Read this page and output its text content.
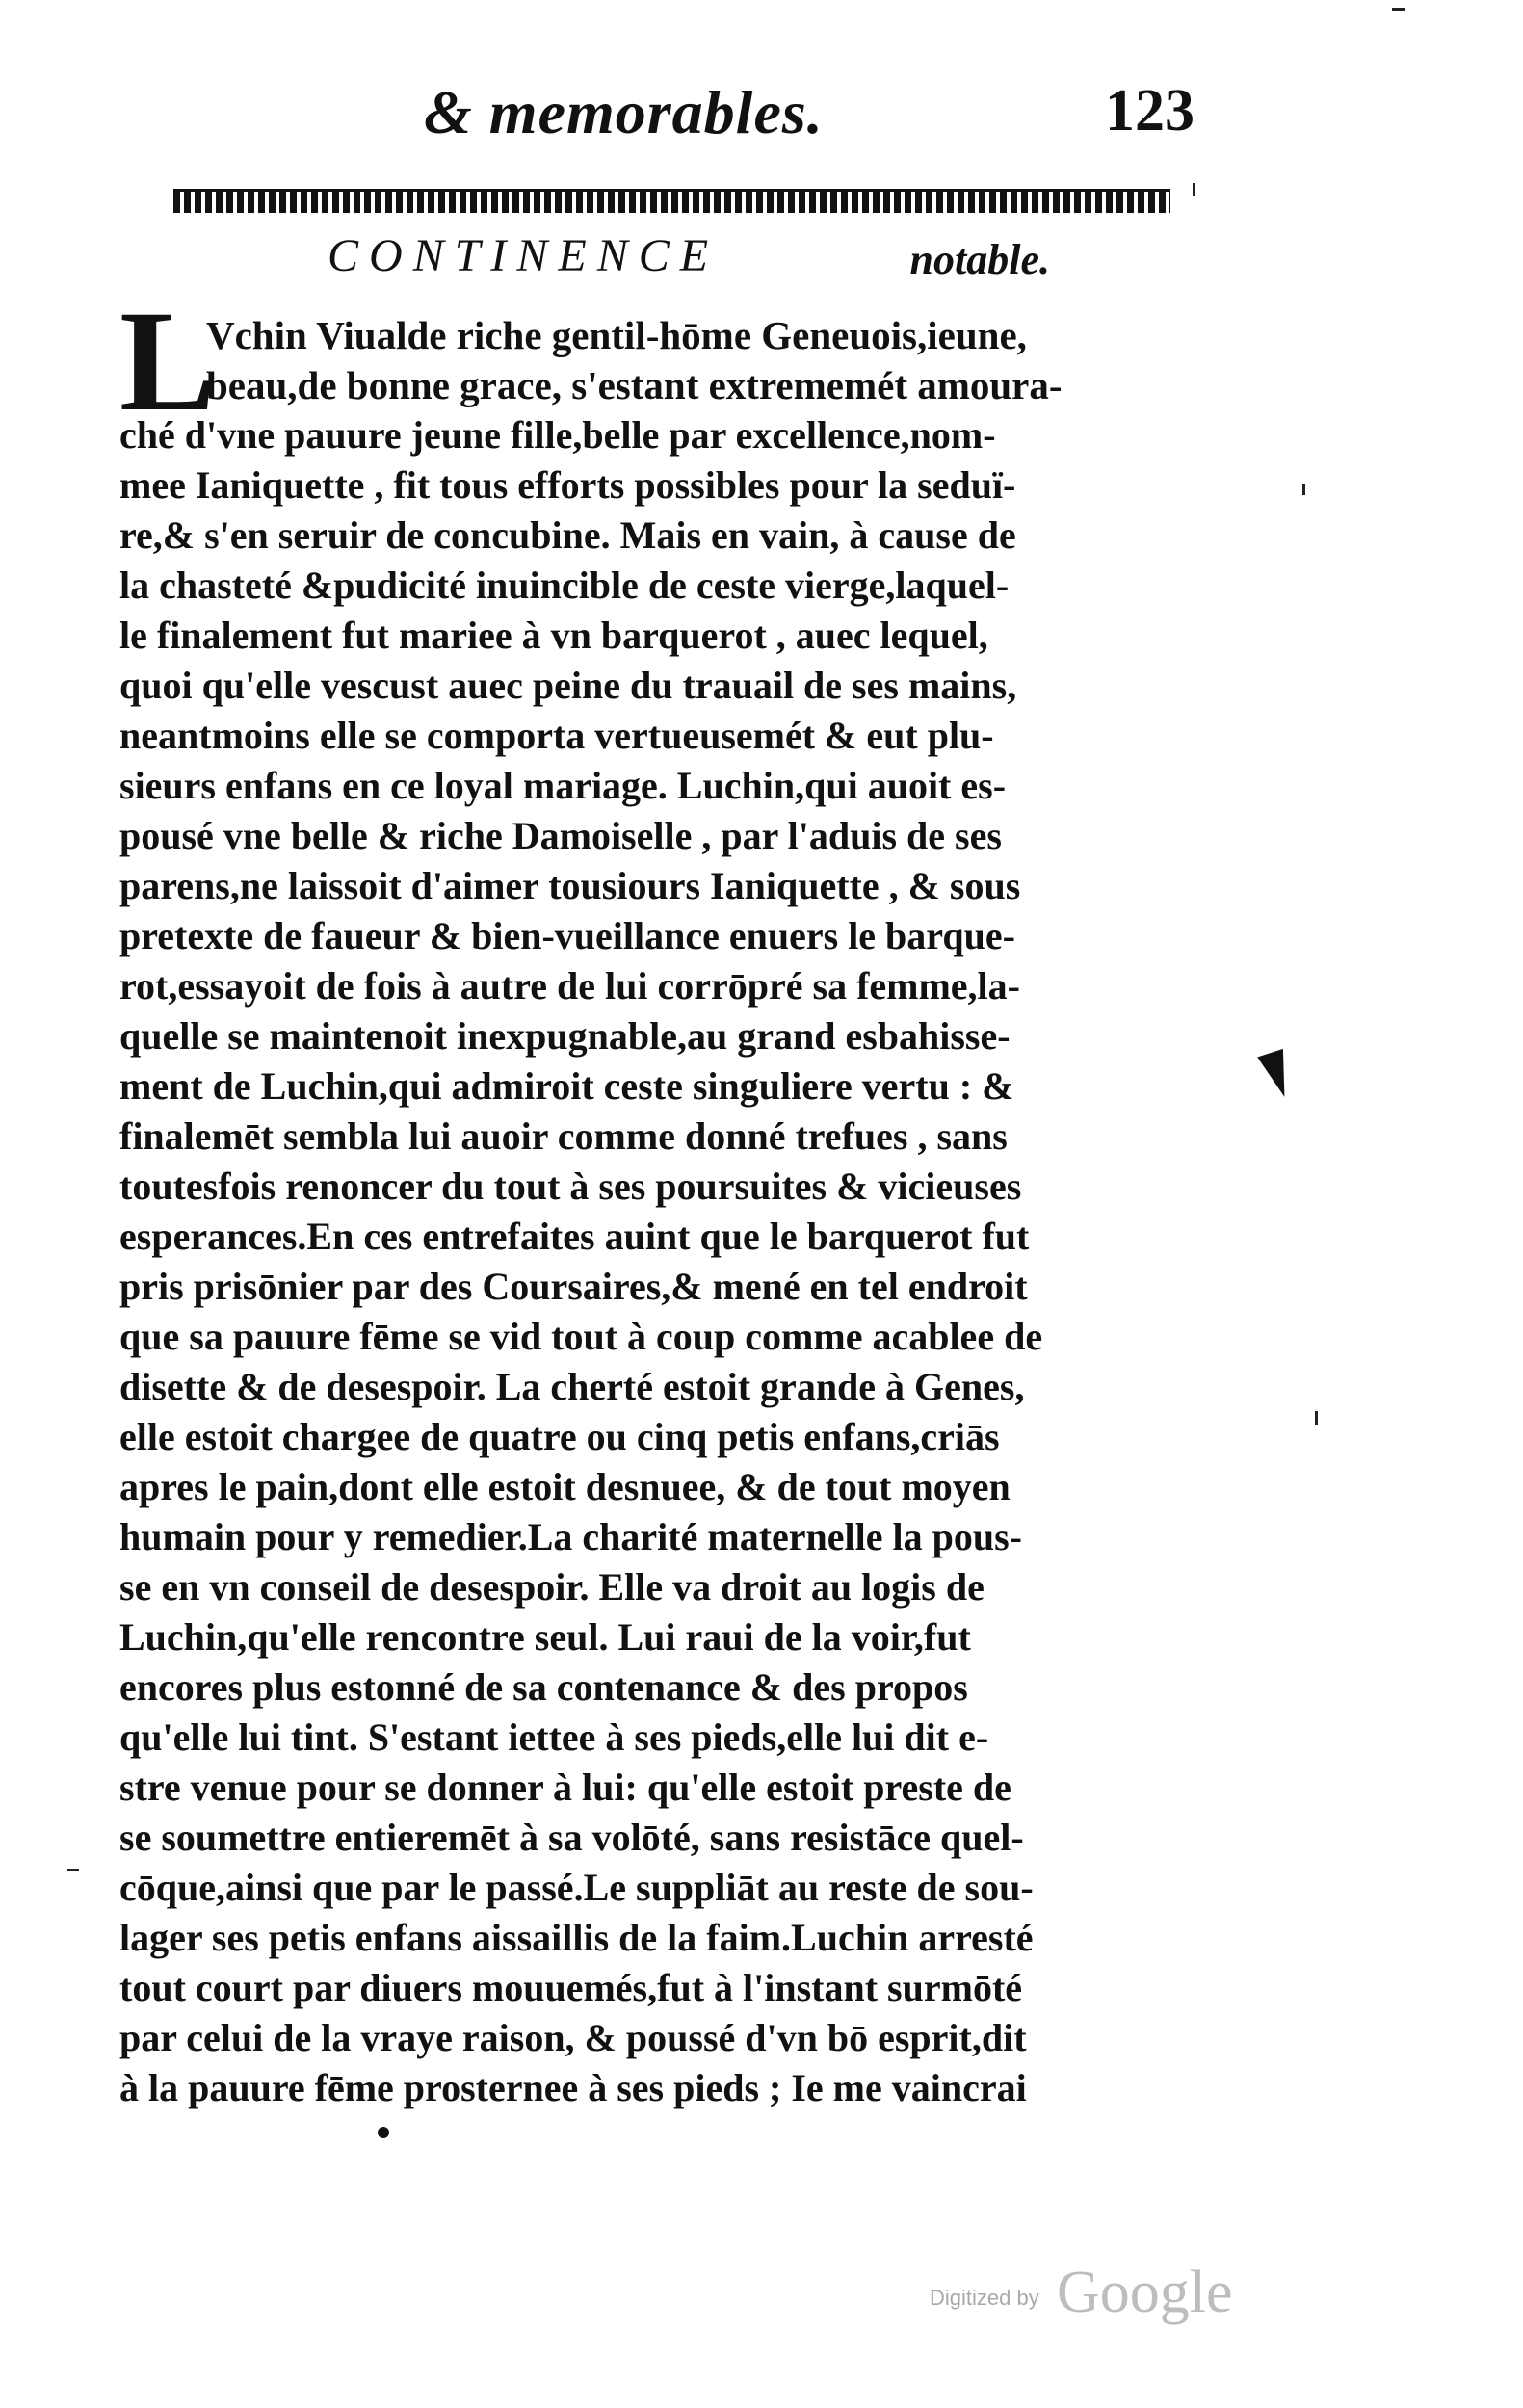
& memorables.	123
CONTINENCE	notable.
L
Vchin Viualde riche gentil-hōme Geneuois,ieune,
beau,de bonne grace, s'estant extrememét amoura-
ché d'vne pauure jeune fille,belle par excellence,nom-
mee Ianiquette , fit tous efforts possibles pour la seduï-
re,& s'en seruir de concubine. Mais en vain, à cause de
la chasteté &pudicité inuincible de ceste vierge,laquel-
le finalement fut mariee à vn barquerot , auec lequel,
quoi qu'elle vescust auec peine du trauail de ses mains,
neantmoins elle se comporta vertueusemét & eut plu-
sieurs enfans en ce loyal mariage. Luchin,qui auoit es-
pousé vne belle & riche Damoiselle , par l'aduis de ses
parens,ne laissoit d'aimer tousiours Ianiquette , & sous
pretexte de faueur & bien-vueillance enuers le barque-
rot,essayoit de fois à autre de lui corrōpré sa femme,la-
quelle se maintenoit inexpugnable,au grand esbahisse-
ment de Luchin,qui admiroit ceste singuliere vertu : &
finalemēt sembla lui auoir comme donné trefues , sans
toutesfois renoncer du tout à ses poursuites & vicieuses
esperances.En ces entrefaites auint que le barquerot fut
pris prisōnier par des Coursaires,& mené en tel endroit
que sa pauure fēme se vid tout à coup comme acablee de
disette & de desespoir. La cherté estoit grande à Genes,
elle estoit chargee de quatre ou cinq petis enfans,criās
apres le pain,dont elle estoit desnuee, & de tout moyen
humain pour y remedier.La charité maternelle la pous-
se en vn conseil de desespoir. Elle va droit au logis de
Luchin,qu'elle rencontre seul. Lui raui de la voir,fut
encores plus estonné de sa contenance & des propos
qu'elle lui tint. S'estant iettee à ses pieds,elle lui dit e-
stre venue pour se donner à lui: qu'elle estoit preste de
se soumettre entieremēt à sa volōté, sans resistāce quel-
cōque,ainsi que par le passé.Le suppliāt au reste de sou-
lager ses petis enfans aissaillis de la faim.Luchin arresté
tout court par diuers mouuemés,fut à l'instant surmōté
par celui de la vraye raison, & poussé d'vn bō esprit,dit
à la pauure fēme prosternee à ses pieds ; Ie me vaincrai
Digitized by Google
